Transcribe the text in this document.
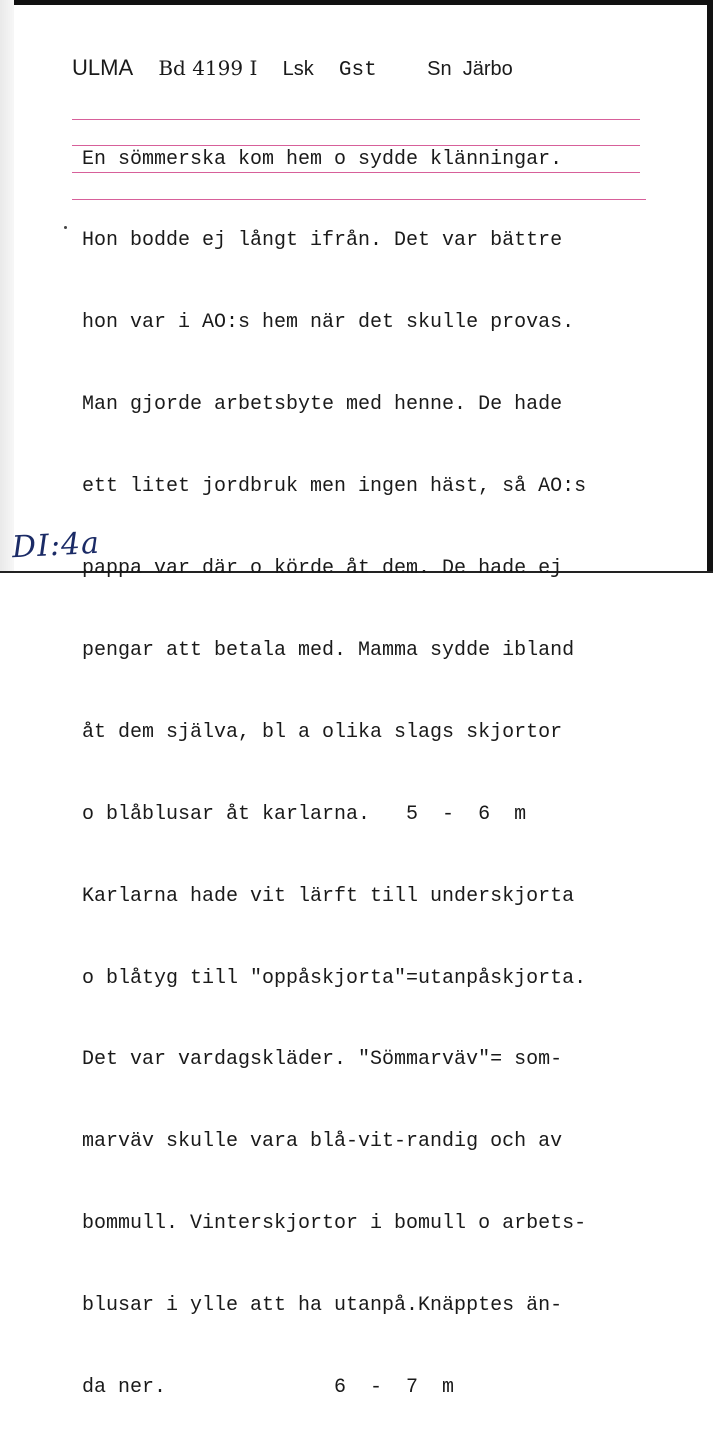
ULMA Bd 4199 I Lsk Gst	Sn  Järbo

En sömmerska kom hem o sydde klänningar.

Hon bodde ej långt ifrån. Det var bättre

hon var i AO:s hem när det skulle provas.

Man gjorde arbetsbyte med henne. De hade

ett litet jordbruk men ingen häst, så AO:s

pappa var där o körde åt dem. De hade ej

pengar att betala med. Mamma sydde ibland

åt dem själva, bl a olika slags skjortor

o blåblusar åt karlarna.   5  -  6  m

Karlarna hade vit lärft till underskjorta

o blåtyg till "oppåskjorta"=utanpåskjorta.

Det var vardagskläder. "Sömmarväv"= som-

marväv skulle vara blå-vit-randig och av

bommull. Vinterskjortor i bomull o arbets-

blusar i ylle att ha utanpå.Knäpptes än-

da ner.              6  -  7  m

DI:4a
